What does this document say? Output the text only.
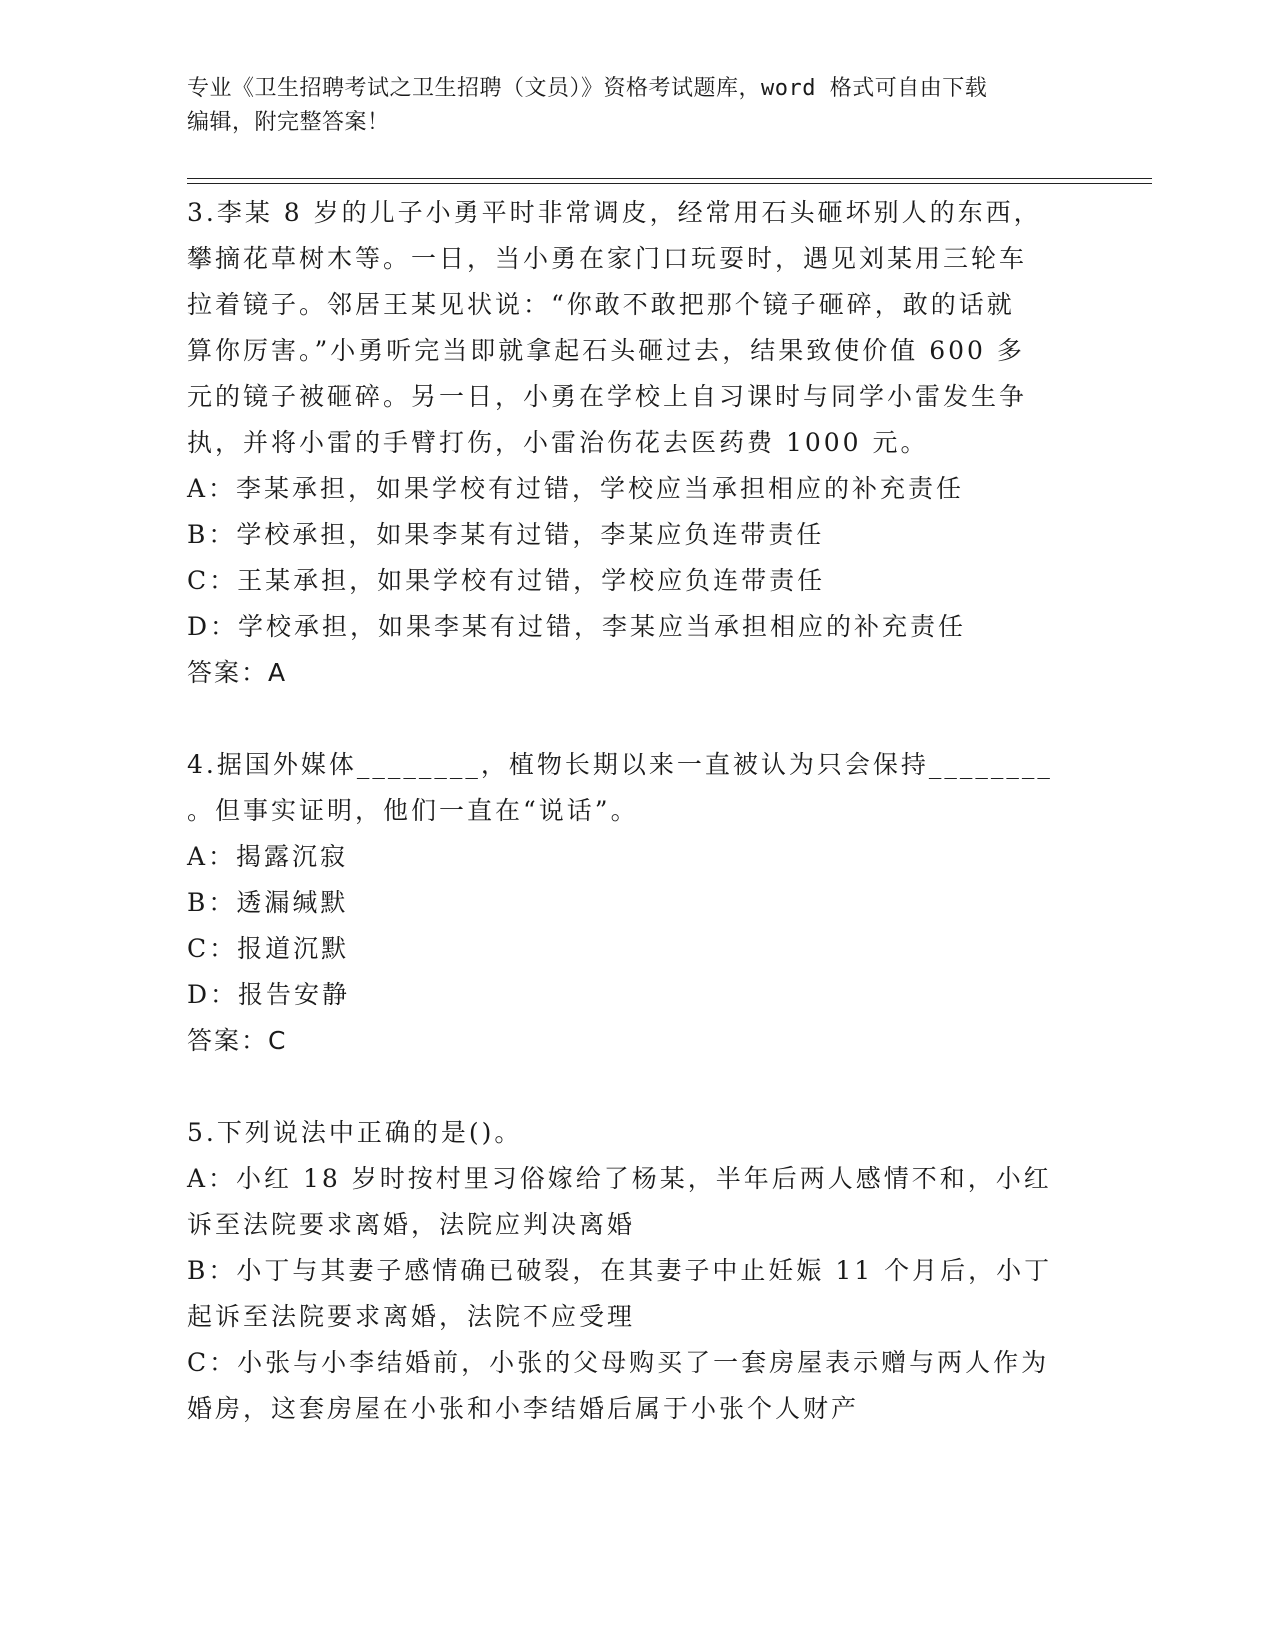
专业《卫生招聘考试之卫生招聘（文员）》资格考试题库，word 格式可自由下载
编辑，附完整答案！

3.李某 8 岁的儿子小勇平时非常调皮，经常用石头砸坏别人的东西，

攀摘花草树木等。一日，当小勇在家门口玩耍时，遇见刘某用三轮车

拉着镜子。邻居王某见状说：“你敢不敢把那个镜子砸碎，敢的话就

算你厉害。”小勇听完当即就拿起石头砸过去，结果致使价值 600 多

元的镜子被砸碎。另一日，小勇在学校上自习课时与同学小雷发生争

执，并将小雷的手臂打伤，小雷治伤花去医药费 1000 元。

A：李某承担，如果学校有过错，学校应当承担相应的补充责任

B：学校承担，如果李某有过错，李某应负连带责任

C：王某承担，如果学校有过错，学校应负连带责任

D：学校承担，如果李某有过错，李某应当承担相应的补充责任

答案：A

4.据国外媒体________，植物长期以来一直被认为只会保持________

。但事实证明，他们一直在“说话”。

A：揭露沉寂

B：透漏缄默

C：报道沉默

D：报告安静

答案：C

5.下列说法中正确的是()。

A：小红 18 岁时按村里习俗嫁给了杨某，半年后两人感情不和，小红

诉至法院要求离婚，法院应判决离婚

B：小丁与其妻子感情确已破裂，在其妻子中止妊娠 11 个月后，小丁

起诉至法院要求离婚，法院不应受理

C：小张与小李结婚前，小张的父母购买了一套房屋表示赠与两人作为

婚房，这套房屋在小张和小李结婚后属于小张个人财产
